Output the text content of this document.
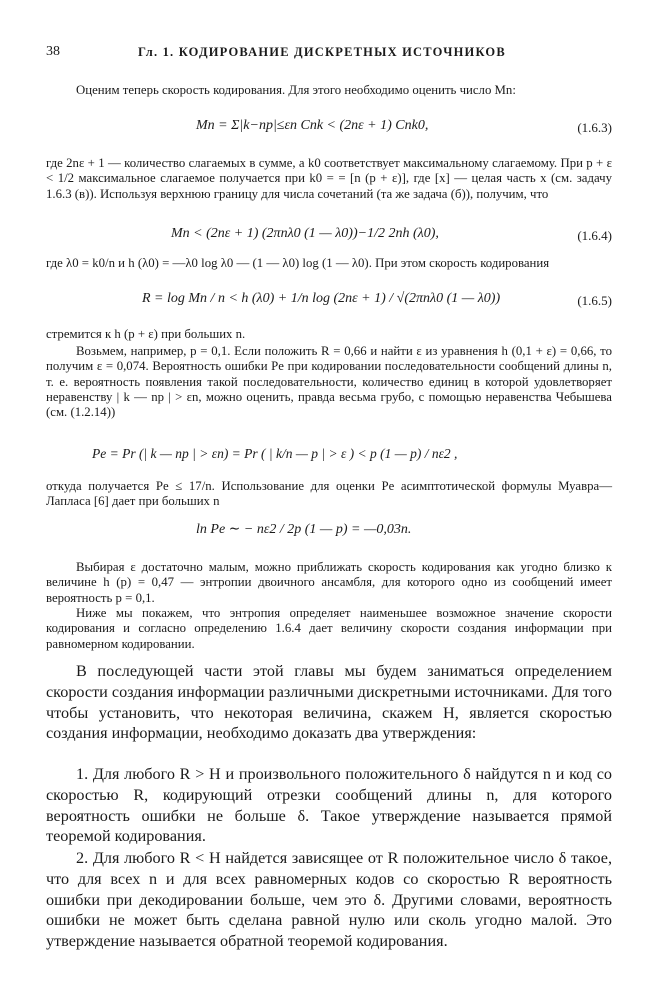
38	Гл. 1. КОДИРОВАНИЕ ДИСКРЕТНЫХ ИСТОЧНИКОВ

Оценим теперь скорость кодирования. Для этого необходимо оценить число Mn:

Mn = Σ|k−np|≤εn Cnk < (2nε + 1) Cnk0,	(1.6.3)

где 2nε + 1 — количество слагаемых в сумме, а k0 соответствует максимальному слагаемому. При p + ε < 1/2 максимальное слагаемое получается при k0 = = [n (p + ε)], где [x] — целая часть x (см. задачу 1.6.3 (в)). Используя верхнюю границу для числа сочетаний (та же задача (б)), получим, что

Mn < (2nε + 1) (2πnλ0 (1 — λ0))−1/2 2nh (λ0),	(1.6.4)

где λ0 = k0/n и h (λ0) = —λ0 log λ0 — (1 — λ0) log (1 — λ0). При этом скорость кодирования

R = log Mn / n < h (λ0) + 1/n log (2nε + 1) / √(2πnλ0 (1 — λ0))	(1.6.5)

стремится к h (p + ε) при больших n.

Возьмем, например, p = 0,1. Если положить R = 0,66 и найти ε из уравнения h (0,1 + ε) = 0,66, то получим ε = 0,074. Вероятность ошибки Pe при кодировании последовательности сообщений длины n, т. е. вероятность появления такой последовательности, количество единиц в которой удовлетворяет неравенству | k — np | > εn, можно оценить, правда весьма грубо, с помощью неравенства Чебышева (см. (1.2.14))

Pe = Pr (| k — np | > εn) = Pr ( | k/n — p | > ε ) < p (1 — p) / nε2 ,

откуда получается Pe ≤ 17/n. Использование для оценки Pe асимптотической формулы Муавра—Лапласа [6] дает при больших n

ln Pe ∼ − nε2 / 2p (1 — p) = —0,03n.

Выбирая ε достаточно малым, можно приближать скорость кодирования как угодно близко к величине h (p) = 0,47 — энтропии двоичного ансамбля, для которого одно из сообщений имеет вероятность p = 0,1.

Ниже мы покажем, что энтропия определяет наименьшее возможное значение скорости кодирования и согласно определению 1.6.4 дает величину скорости создания информации при равномерном кодировании.

В последующей части этой главы мы будем заниматься определением скорости создания информации различными дискретными источниками. Для того чтобы установить, что некоторая величина, скажем H, является скоростью создания информации, необходимо доказать два утверждения:

1. Для любого R > H и произвольного положительного δ найдутся n и код со скоростью R, кодирующий отрезки сообщений длины n, для которого вероятность ошибки не больше δ. Такое утверждение называется прямой теоремой кодирования.

2. Для любого R < H найдется зависящее от R положительное число δ такое, что для всех n и для всех равномерных кодов со скоростью R вероятность ошибки при декодировании больше, чем это δ. Другими словами, вероятность ошибки не может быть сделана равной нулю или сколь угодно малой. Это утверждение называется обратной теоремой кодирования.
